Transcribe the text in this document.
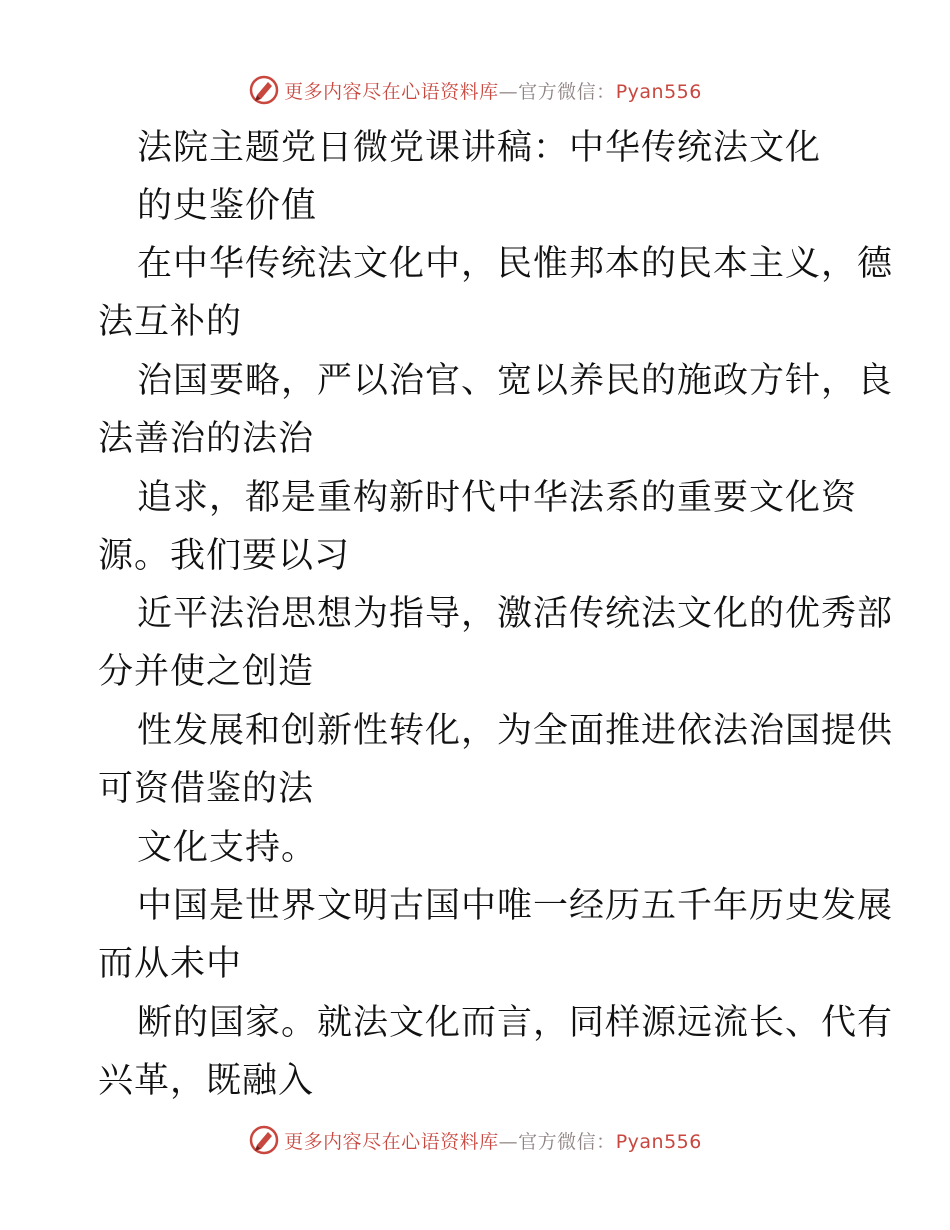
更多内容尽在心语资料库—官方微信：Pyan556
法院主题党日微党课讲稿：中华传统法文化
的史鉴价值
在中华传统法文化中，民惟邦本的民本主义，德
法互补的
治国要略，严以治官、宽以养民的施政方针，良
法善治的法治
追求，都是重构新时代中华法系的重要文化资
源。我们要以习
近平法治思想为指导，激活传统法文化的优秀部
分并使之创造
性发展和创新性转化，为全面推进依法治国提供
可资借鉴的法
文化支持。
中国是世界文明古国中唯一经历五千年历史发展
而从未中
断的国家。就法文化而言，同样源远流长、代有
兴革，既融入
更多内容尽在心语资料库—官方微信：Pyan556
